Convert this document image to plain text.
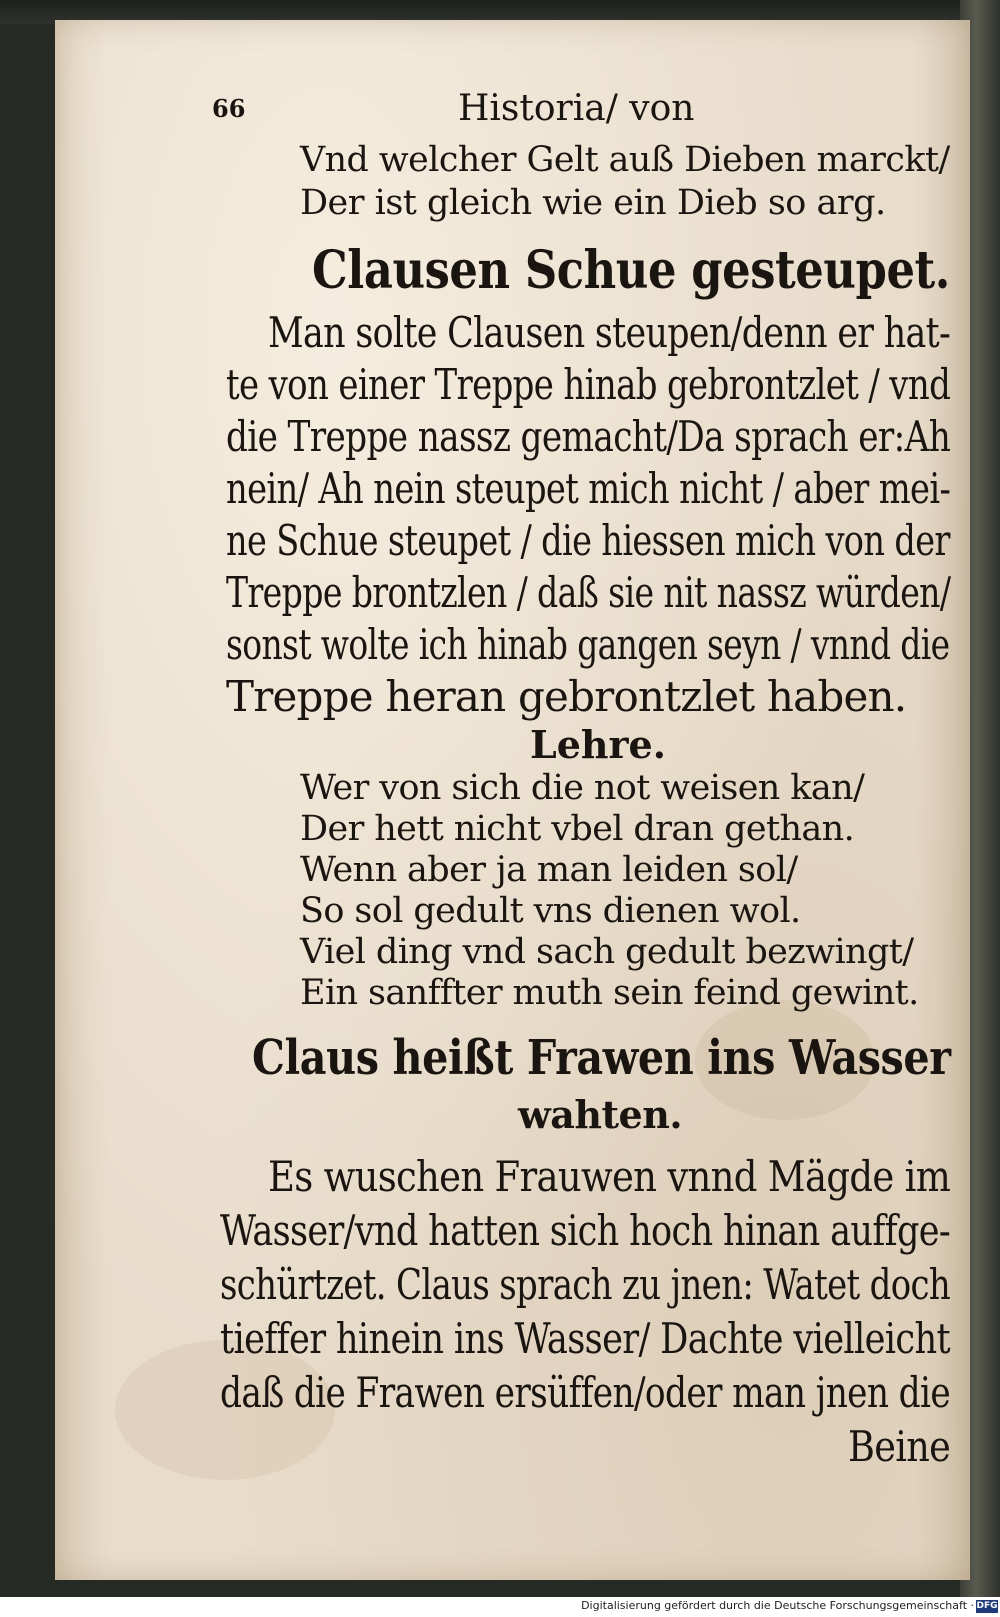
66	Historia/ von
Vnd welcher Gelt auß Dieben marckt/
Der ist gleich wie ein Dieb so arg.
Clausen Schue gesteupet.
Man solte Clausen steupen/denn er hat-
te von einer Treppe hinab gebrontzlet / vnd
die Treppe nassz gemacht/Da sprach er:Ah
nein/ Ah nein steupet mich nicht / aber mei-
ne Schue steupet / die hiessen mich von der
Treppe brontzlen / daß sie nit nassz würden/
sonst wolte ich hinab gangen seyn / vnnd die
Treppe heran gebrontzlet haben.
Lehre.
Wer von sich die not weisen kan/
Der hett nicht vbel dran gethan.
Wenn aber ja man leiden sol/
So sol gedult vns dienen wol.
Viel ding vnd sach gedult bezwingt/
Ein sanffter muth sein feind gewint.
Claus heißt Frawen ins Wasser
wahten.
Es wuschen Frauwen vnnd Mägde im
Wasser/vnd hatten sich hoch hinan auffge-
schürtzet. Claus sprach zu jnen: Watet doch
tieffer hinein ins Wasser/ Dachte vielleicht
daß die Frawen ersüffen/oder man jnen die
Beine
Digitalisierung gefördert durch die Deutsche Forschungsgemeinschaft · DFG
